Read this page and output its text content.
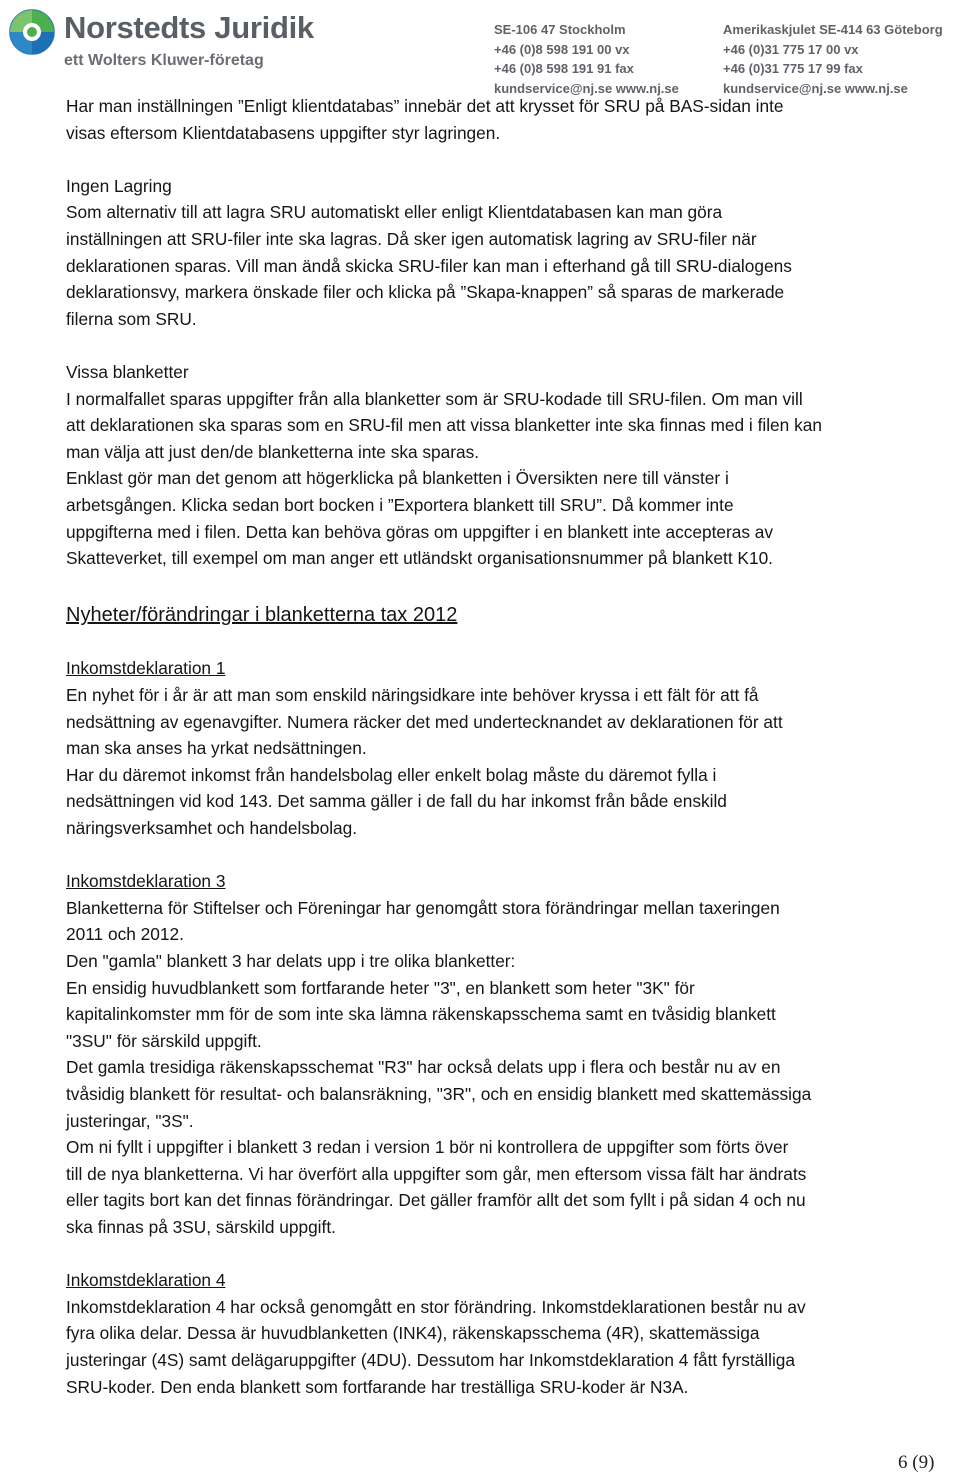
Norstedts Juridik
ett Wolters Kluwer-företag
SE-106 47 Stockholm
+46 (0)8 598 191 00 vx
+46 (0)8 598 191 91 fax
kundservice@nj.se www.nj.se
Amerikaskjulet SE-414 63 Göteborg
+46 (0)31 775 17 00 vx
+46 (0)31 775 17 99 fax
kundservice@nj.se www.nj.se

Har man inställningen ”Enligt klientdatabas” innebär det att krysset för SRU på BAS-sidan inte

visas eftersom Klientdatabasens uppgifter styr lagringen.

Ingen Lagring

Som alternativ till att lagra SRU automatiskt eller enligt Klientdatabasen kan man göra

inställningen att SRU-filer inte ska lagras. Då sker igen automatisk lagring av SRU-filer när

deklarationen sparas. Vill man ändå skicka SRU-filer kan man i efterhand gå till SRU-dialogens

deklarationsvy, markera önskade filer och klicka på ”Skapa-knappen” så sparas de markerade

filerna som SRU.

Vissa blanketter

I normalfallet sparas uppgifter från alla blanketter som är SRU-kodade till SRU-filen. Om man vill

att deklarationen ska sparas som en SRU-fil men att vissa blanketter inte ska finnas med i filen kan

man välja att just den/de blanketterna inte ska sparas.

Enklast gör man det genom att högerklicka på blanketten i Översikten nere till vänster i

arbetsgången. Klicka sedan bort bocken i ”Exportera blankett till SRU”. Då kommer inte

uppgifterna med i filen. Detta kan behöva göras om uppgifter i en blankett inte accepteras av

Skatteverket, till exempel om man anger ett utländskt organisationsnummer på blankett K10.

Nyheter/förändringar i blanketterna tax 2012

Inkomstdeklaration 1

En nyhet för i år är att man som enskild näringsidkare inte behöver kryssa i ett fält för att få

nedsättning av egenavgifter. Numera räcker det med undertecknandet av deklarationen för att

man ska anses ha yrkat nedsättningen.

Har du däremot inkomst från handelsbolag eller enkelt bolag måste du däremot fylla i

nedsättningen vid kod 143. Det samma gäller i de fall du har inkomst från både enskild

näringsverksamhet och handelsbolag.

Inkomstdeklaration 3

Blanketterna för Stiftelser och Föreningar har genomgått stora förändringar mellan taxeringen

2011 och 2012.

Den "gamla" blankett 3 har delats upp i tre olika blanketter:

En ensidig huvudblankett som fortfarande heter "3", en blankett som heter "3K" för

kapitalinkomster mm för de som inte ska lämna räkenskapsschema samt en tvåsidig blankett

"3SU" för särskild uppgift.

Det gamla tresidiga räkenskapsschemat "R3" har också delats upp i flera och består nu av en

tvåsidig blankett för resultat- och balansräkning, "3R", och en ensidig blankett med skattemässiga

justeringar, "3S".

Om ni fyllt i uppgifter i blankett 3 redan i version 1 bör ni kontrollera de uppgifter som förts över

till de nya blanketterna. Vi har överfört alla uppgifter som går, men eftersom vissa fält har ändrats

eller tagits bort kan det finnas förändringar. Det gäller framför allt det som fyllt i på sidan 4 och nu

ska finnas på 3SU, särskild uppgift.

Inkomstdeklaration 4

Inkomstdeklaration 4 har också genomgått en stor förändring. Inkomstdeklarationen består nu av

fyra olika delar. Dessa är huvudblanketten (INK4), räkenskapsschema (4R), skattemässiga

justeringar (4S) samt delägaruppgifter (4DU). Dessutom har Inkomstdeklaration 4 fått fyrställiga

SRU-koder. Den enda blankett som fortfarande har treställiga SRU-koder är N3A.

6 (9)
